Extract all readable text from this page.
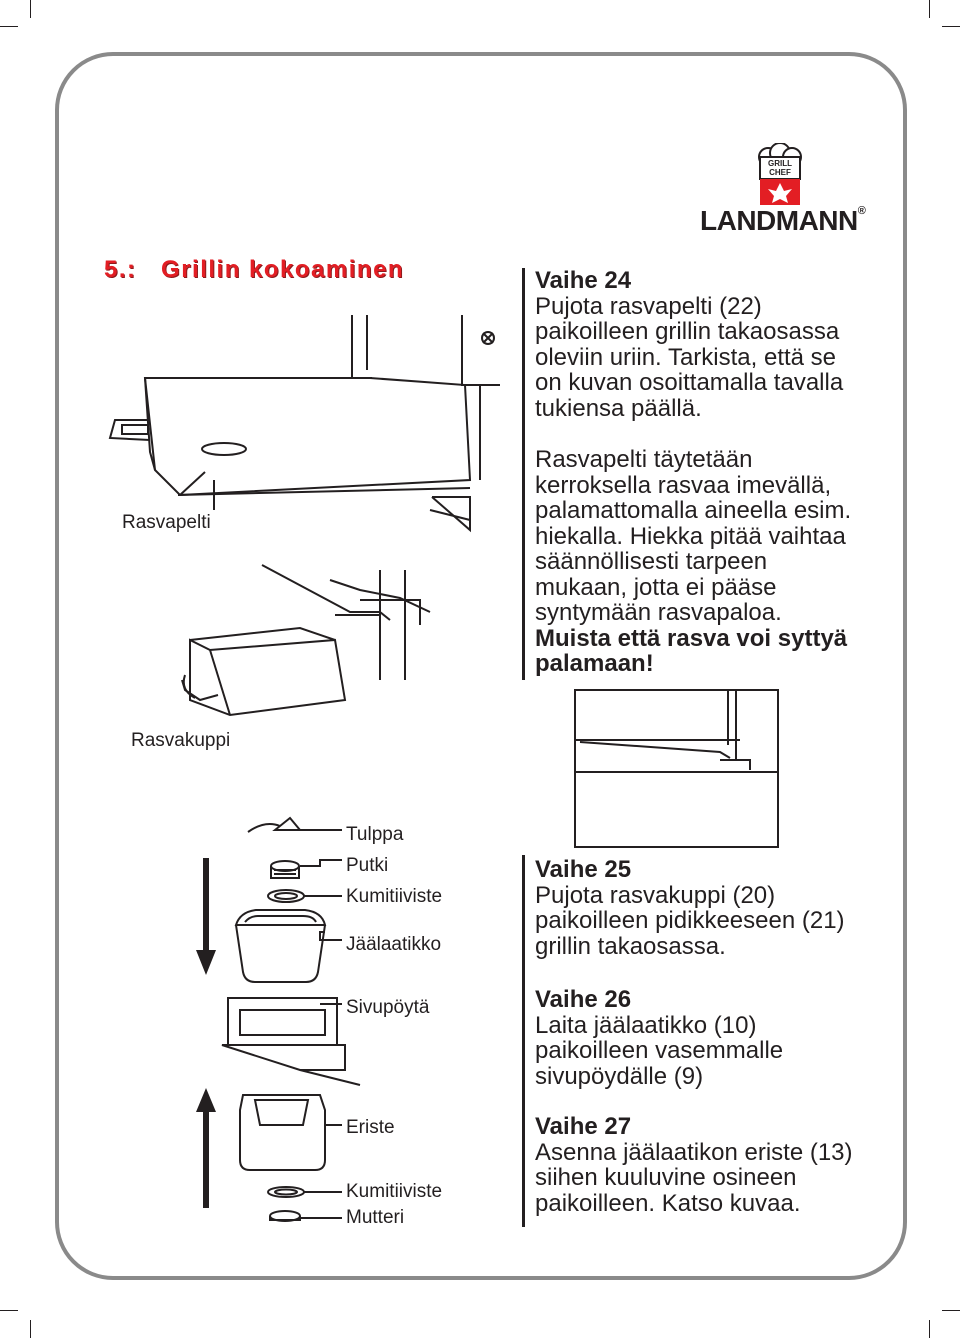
GRILL
CHEF
LANDMANN®
5.: Grillin kokoaminen	Vaihe 24

Pujota rasvapelti (22) paikoilleen grillin takaosassa oleviin uriin. Tarkista, että se on kuvan osoittamalla tavalla tukiensa päällä.

Rasvapelti täytetään kerroksella rasvaa imevällä, palamattomalla aineella esim. hiekalla. Hiekka pitää vaihtaa säännöllisesti tarpeen mukaan, jotta ei pääse syntymään rasvapaloa.

Muista että rasva voi syttyä palamaan!

Vaihe 25

Pujota rasvakuppi (20) paikoilleen pidikkeeseen (21) grillin takaosassa.

Vaihe 26

Laita jäälaatikko (10) paikoilleen vasemmalle sivupöydälle (9)

Vaihe 27

Asenna jäälaatikon eriste (13) siihen kuuluvine osineen paikoilleen. Katso kuvaa.

Rasvapelti
Rasvakuppi
Tulppa
Putki
Kumitiiviste
Jäälaatikko
Sivupöytä
Eriste
Kumitiiviste
Mutteri
